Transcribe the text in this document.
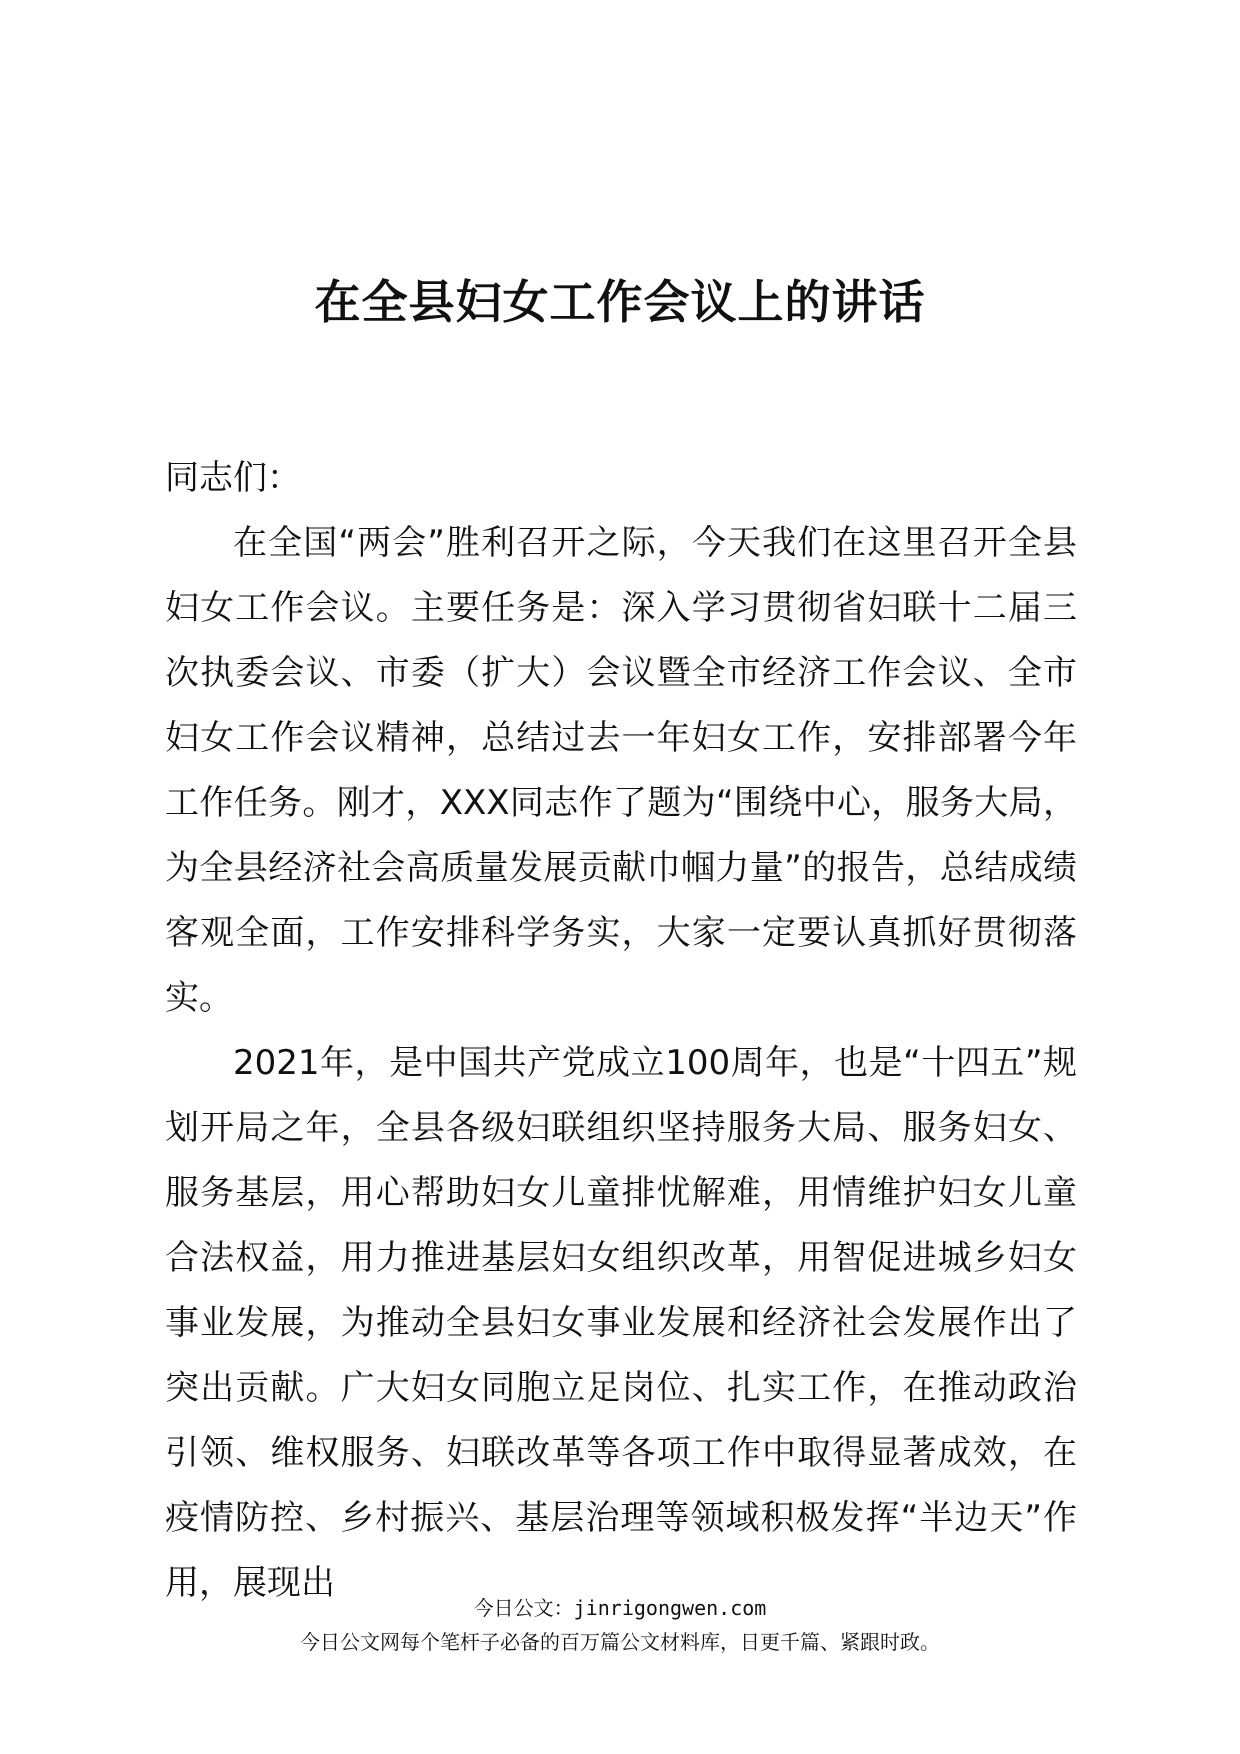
在全县妇女工作会议上的讲话

同志们：

在全国“两会”胜利召开之际，今天我们在这里召开全县妇女工作会议。主要任务是：深入学习贯彻省妇联十二届三次执委会议、市委（扩大）会议暨全市经济工作会议、全市妇女工作会议精神，总结过去一年妇女工作，安排部署今年工作任务。刚才，XXX同志作了题为“围绕中心，服务大局，为全县经济社会高质量发展贡献巾帼力量”的报告，总结成绩客观全面，工作安排科学务实，大家一定要认真抓好贯彻落实。

2021年，是中国共产党成立100周年，也是“十四五”规划开局之年，全县各级妇联组织坚持服务大局、服务妇女、服务基层，用心帮助妇女儿童排忧解难，用情维护妇女儿童合法权益，用力推进基层妇女组织改革，用智促进城乡妇女事业发展，为推动全县妇女事业发展和经济社会发展作出了突出贡献。广大妇女同胞立足岗位、扎实工作，在推动政治引领、维权服务、妇联改革等各项工作中取得显著成效，在疫情防控、乡村振兴、基层治理等领域积极发挥“半边天”作用，展现出

今日公文：jinrigongwen.com
今日公文网每个笔杆子必备的百万篇公文材料库，日更千篇、紧跟时政。
